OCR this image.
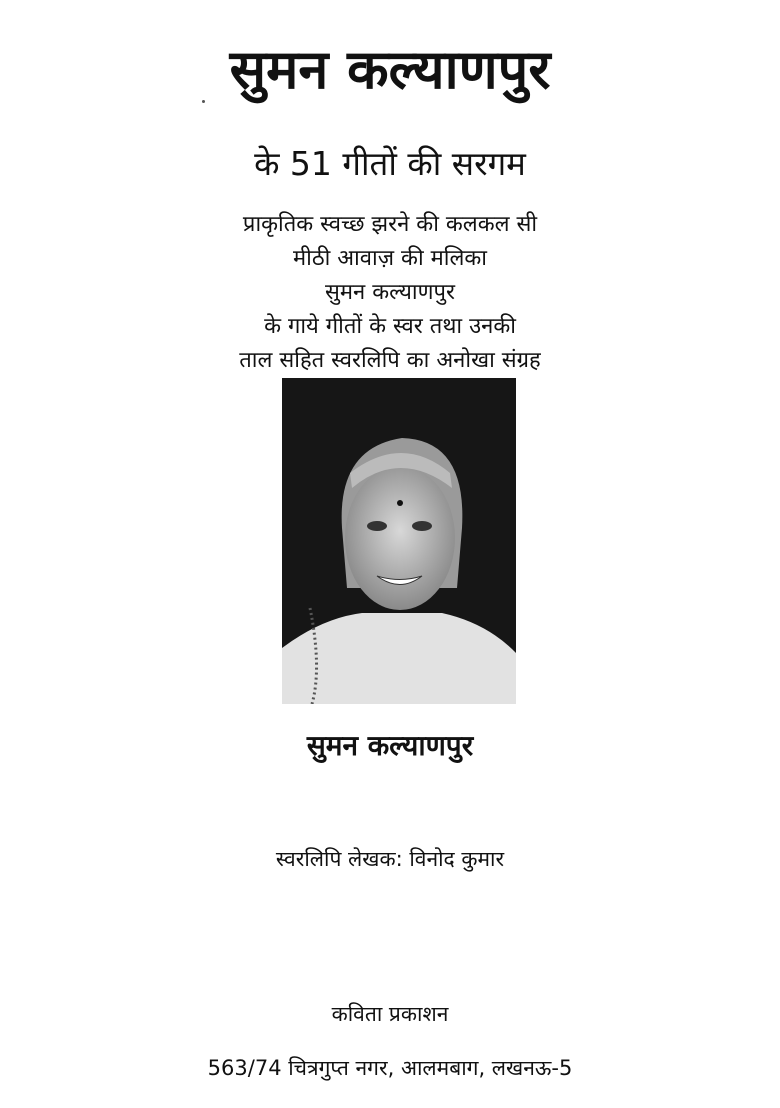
सुमन कल्याणपुर
के 51 गीतों की सरगम
प्राकृतिक स्वच्छ झरने की कलकल सी
मीठी आवाज़ की मलिका
सुमन कल्याणपुर
के गाये गीतों के स्वर तथा उनकी
ताल सहित स्वरलिपि का अनोखा संग्रह
सुमन कल्याणपुर
स्वरलिपि लेखक: विनोद कुमार
कविता प्रकाशन
563/74 चित्रगुप्त नगर, आलमबाग, लखनऊ-5
